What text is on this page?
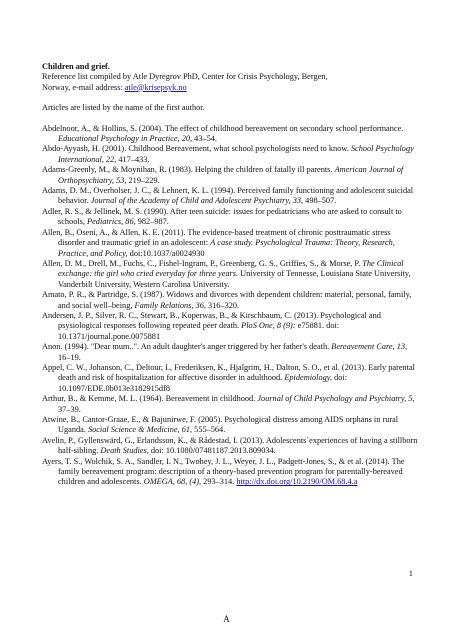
Children and grief.
Reference list compiled by Atle Dyregrov PhD, Center for Crisis Psychology, Bergen,
Norway, e-mail address: atle@krisepsyk.no
Articles are listed by the name of the first author.

Abdelnoor, A., & Hollins, S. (2004). The effect of childhood bereavement on secondary school performance. Educational Psychology in Practice, 20, 43–54.

Abdo-Ayyash, H. (2001). Childhood Bereavement, what school psychologists need to know. School Psychology International, 22, 417–433.

Adams-Greenly, M., & Moynihan, R. (1983). Helping the children of fatally ill parents. American Journal of Orthopsychiatry, 53, 219–229.

Adams, D. M., Overholser, J. C., & Lehnert, K. L. (1994). Perceived family functioning and adolescent suicidal behavior. Journal of the Academy of Child and Adolescent Psychiatry, 33, 498–507.

Adler, R. S., & Jellinek, M. S. (1990). After teen suicide: issues for pediatricians who are asked to consult to schools, Pediatrics, 86, 982–987.

Allen, B., Oseni, A., & Allen, K. E. (2011). The evidence-based treatment of chronic posttraumatic stress disorder and traumatic grief in an adolescent: A case study. Psychological Trauma: Theory, Research, Practice, and Policy, doi:10.1037/a0024930

Allen, D. M., Drell, M., Fuchs, C., Fishel-Ingram, P., Greenberg, G. S., Griffies, S., & Morse, P. The Clinical exchange: the girl who cried everyday for three years. University of Tennesse, Louisiana State University, Vanderbilt University, Western Carolina University.

Amato, P. R., & Partridge, S. (1987). Widows and divorces with dependent children: material, personal, family, and social well–being, Family Relations, 36, 316–320.

Andersen, J. P., Silver, R. C., Stewart, B., Koperwas, B., & Kirschbaum, C. (2013). Psychological and psysiological responses following repeated peer death. PloS One, 8 (9): e75881. doi: 10.1371/journal.pone.0075881

Anon. (1994). "Dear mum..". An adult daughter's anger triggered by her father's death. Bereavement Care, 13, 16–19.

Appel, C. W., Johanson, C., Deltour, I., Frederiksen, K., Hjalgrim, H., Dalton, S. O., et al. (2013). Early parental death and risk of hospitalization for affective disorder in adulthood. Epidemiology, doi: 10.1097/EDE.0b013e3182915df8

Arthur, B., & Kemme, M. L. (1964). Bereavement in childhood. Journal of Child Psychology and Psychiatry, 5, 37–39.

Atwine, B., Cantor-Graae, E., & Bajunirwe, F. (2005). Psychological distress among AIDS orphans in rural Uganda. Social Science & Medicine, 61, 555–564.

Avelin, P., Gyllenswärd, G., Erlandsson, K., & Rådestad, I. (2013). Adolescents`experiences of having a stillborn half-sibling. Death Studies, doi: 10.1080/07481187.2013.809034.

Ayers, T. S., Wolchik, S. A., Sandler, I. N., Twohey, J. L., Weyer, J. L., Padgett-Jones, S., & et al. (2014). The family bereavement program: description of a theory-based prevention program for parentally-bereaved children and adolescents. OMEGA, 68, (4), 293–314. http://dx.doi.org/10.2190/OM.68.4.a

1
A
